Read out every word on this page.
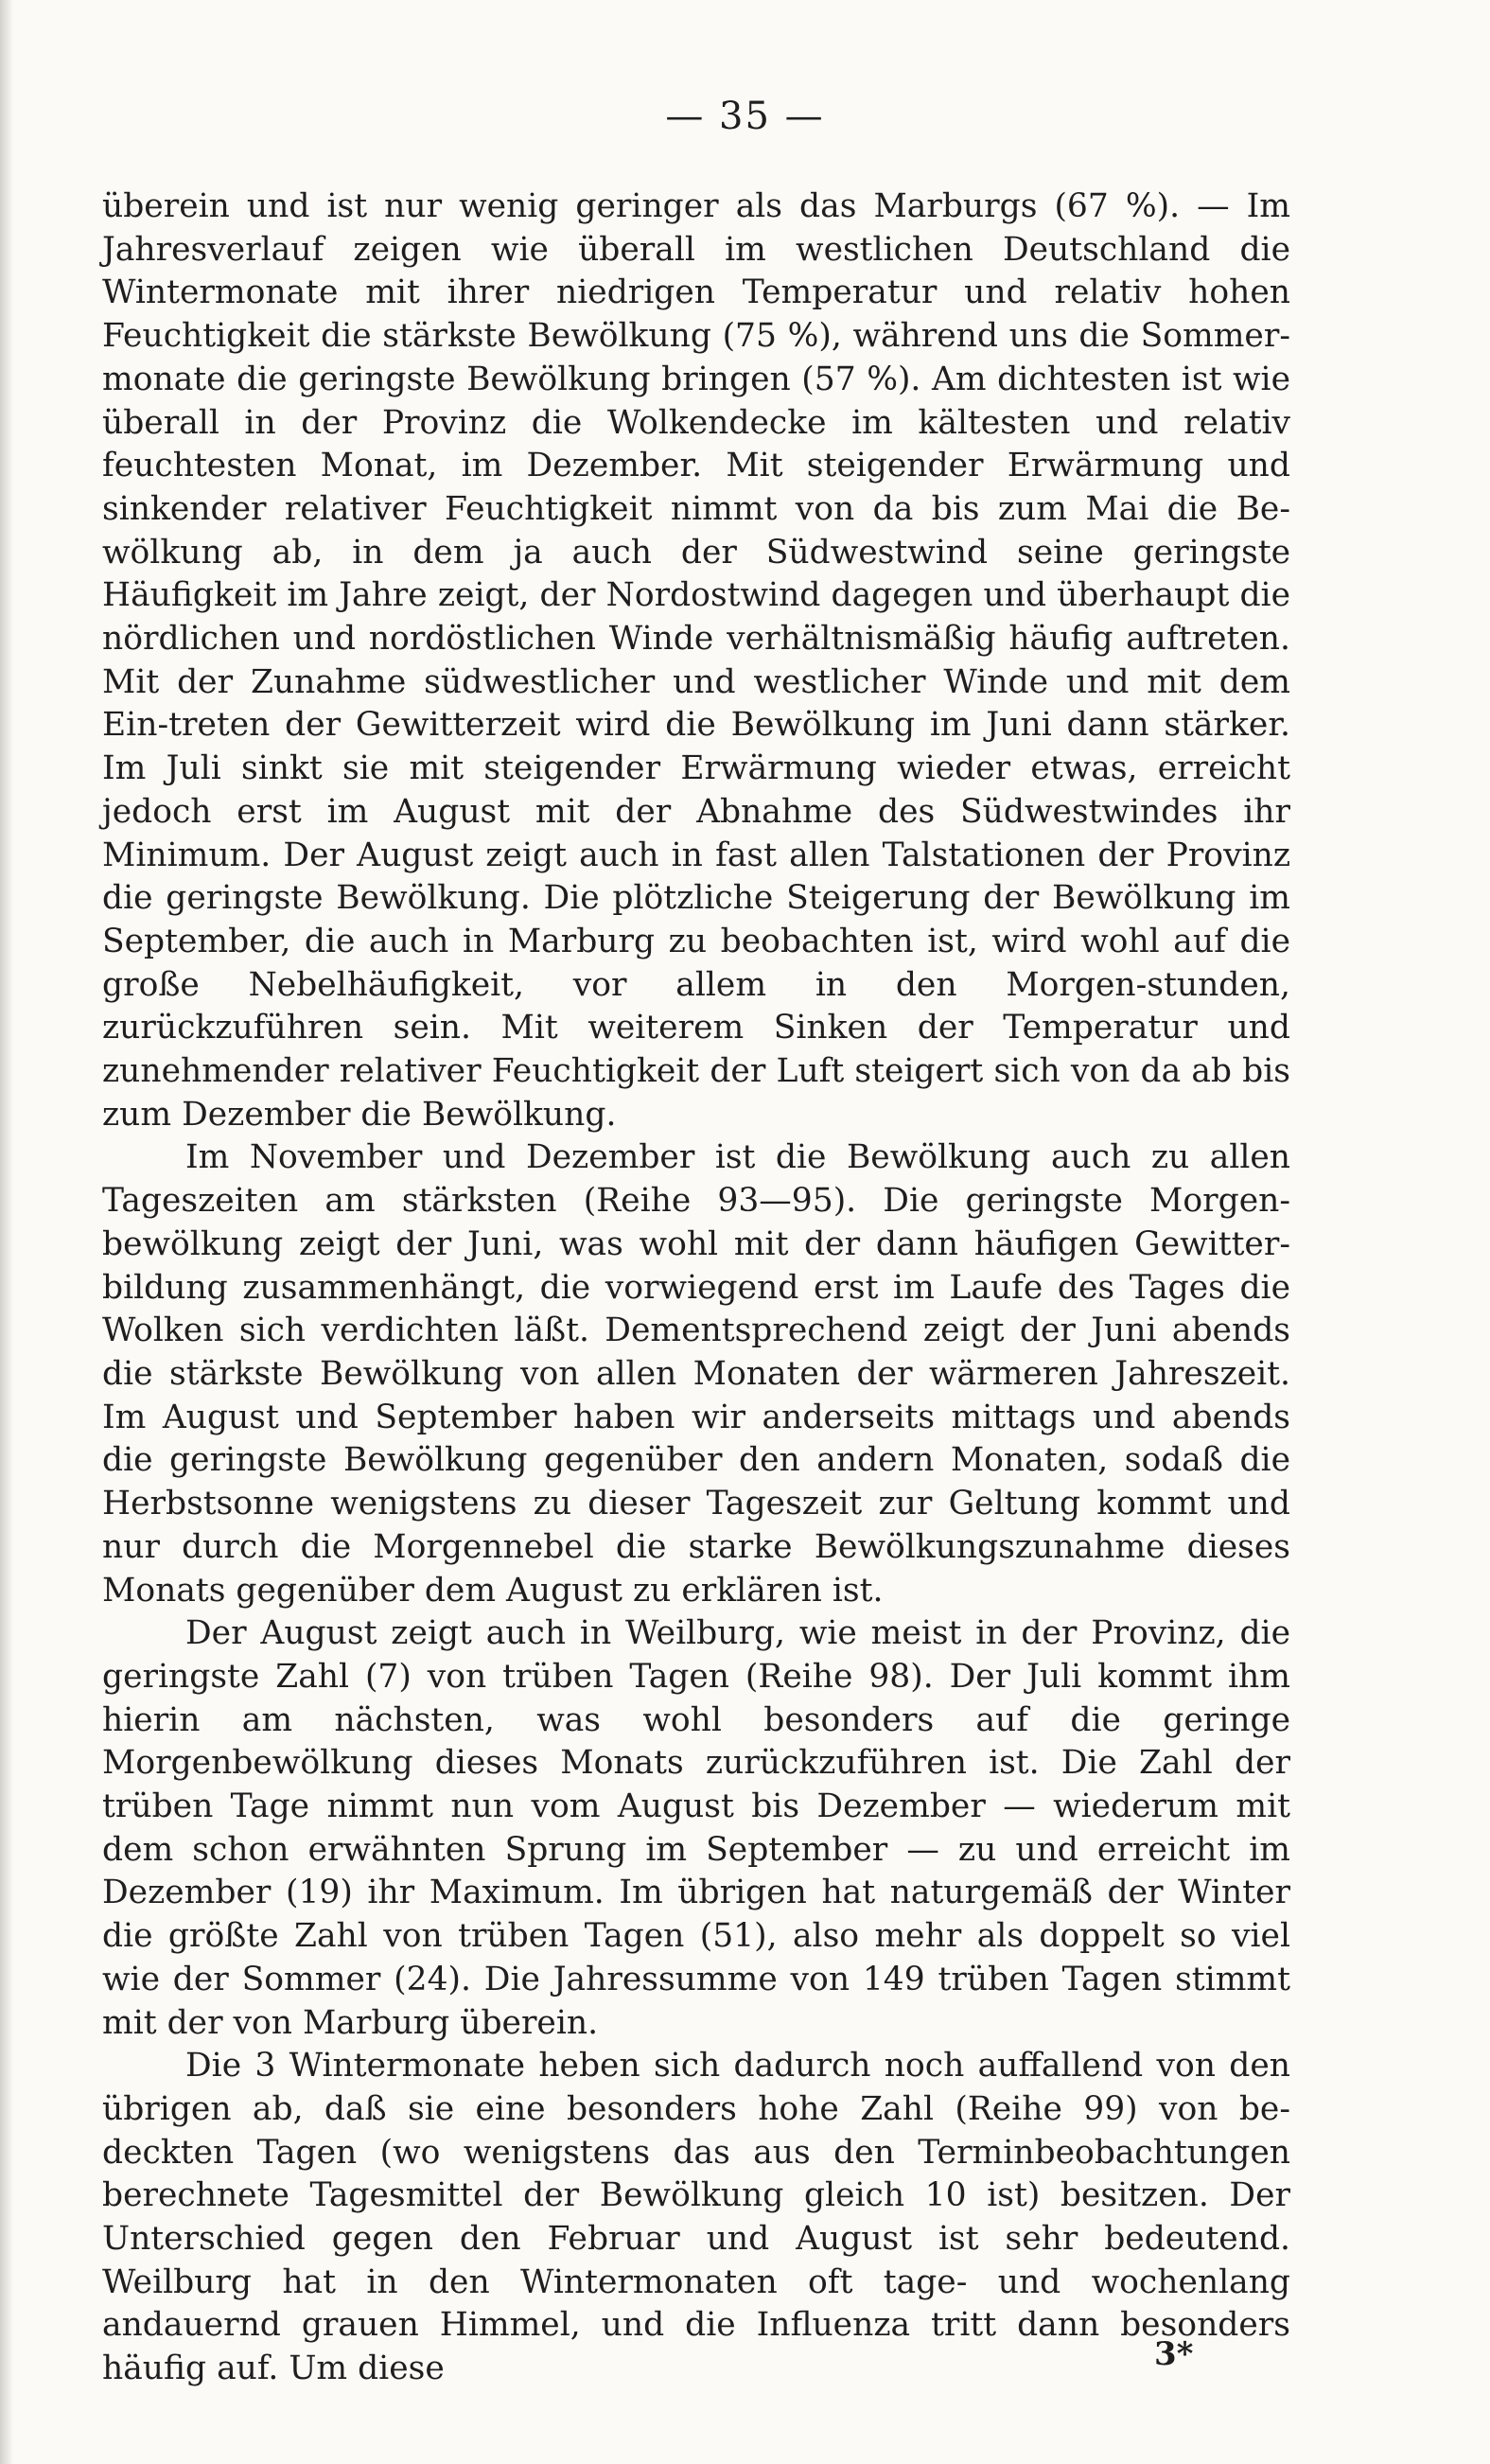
— 35 —

überein und ist nur wenig geringer als das Marburgs (67 %). — Im Jahresverlauf zeigen wie überall im westlichen Deutschland die Wintermonate mit ihrer niedrigen Temperatur und relativ hohen Feuchtigkeit die stärkste Bewölkung (75 %), während uns die Sommer-monate die geringste Bewölkung bringen (57 %). Am dichtesten ist wie überall in der Provinz die Wolkendecke im kältesten und relativ feuchtesten Monat, im Dezember. Mit steigender Erwärmung und sinkender relativer Feuchtigkeit nimmt von da bis zum Mai die Be-wölkung ab, in dem ja auch der Südwestwind seine geringste Häufigkeit im Jahre zeigt, der Nordostwind dagegen und überhaupt die nördlichen und nordöstlichen Winde verhältnismäßig häufig auftreten. Mit der Zunahme südwestlicher und westlicher Winde und mit dem Ein-treten der Gewitterzeit wird die Bewölkung im Juni dann stärker. Im Juli sinkt sie mit steigender Erwärmung wieder etwas, erreicht jedoch erst im August mit der Abnahme des Südwestwindes ihr Minimum. Der August zeigt auch in fast allen Talstationen der Provinz die geringste Bewölkung. Die plötzliche Steigerung der Bewölkung im September, die auch in Marburg zu beobachten ist, wird wohl auf die große Nebelhäufigkeit, vor allem in den Morgen-stunden, zurückzuführen sein. Mit weiterem Sinken der Temperatur und zunehmender relativer Feuchtigkeit der Luft steigert sich von da ab bis zum Dezember die Bewölkung.

Im November und Dezember ist die Bewölkung auch zu allen Tageszeiten am stärksten (Reihe 93—95). Die geringste Morgen-bewölkung zeigt der Juni, was wohl mit der dann häufigen Gewitter-bildung zusammenhängt, die vorwiegend erst im Laufe des Tages die Wolken sich verdichten läßt. Dementsprechend zeigt der Juni abends die stärkste Bewölkung von allen Monaten der wärmeren Jahreszeit. Im August und September haben wir anderseits mittags und abends die geringste Bewölkung gegenüber den andern Monaten, sodaß die Herbstsonne wenigstens zu dieser Tageszeit zur Geltung kommt und nur durch die Morgennebel die starke Bewölkungszunahme dieses Monats gegenüber dem August zu erklären ist.

Der August zeigt auch in Weilburg, wie meist in der Provinz, die geringste Zahl (7) von trüben Tagen (Reihe 98). Der Juli kommt ihm hierin am nächsten, was wohl besonders auf die geringe Morgenbewölkung dieses Monats zurückzuführen ist. Die Zahl der trüben Tage nimmt nun vom August bis Dezember — wiederum mit dem schon erwähnten Sprung im September — zu und erreicht im Dezember (19) ihr Maximum. Im übrigen hat naturgemäß der Winter die größte Zahl von trüben Tagen (51), also mehr als doppelt so viel wie der Sommer (24). Die Jahressumme von 149 trüben Tagen stimmt mit der von Marburg überein.

Die 3 Wintermonate heben sich dadurch noch auffallend von den übrigen ab, daß sie eine besonders hohe Zahl (Reihe 99) von be-deckten Tagen (wo wenigstens das aus den Terminbeobachtungen berechnete Tagesmittel der Bewölkung gleich 10 ist) besitzen. Der Unterschied gegen den Februar und August ist sehr bedeutend. Weilburg hat in den Wintermonaten oft tage- und wochenlang andauernd grauen Himmel, und die Influenza tritt dann besonders häufig auf. Um diese	3*
